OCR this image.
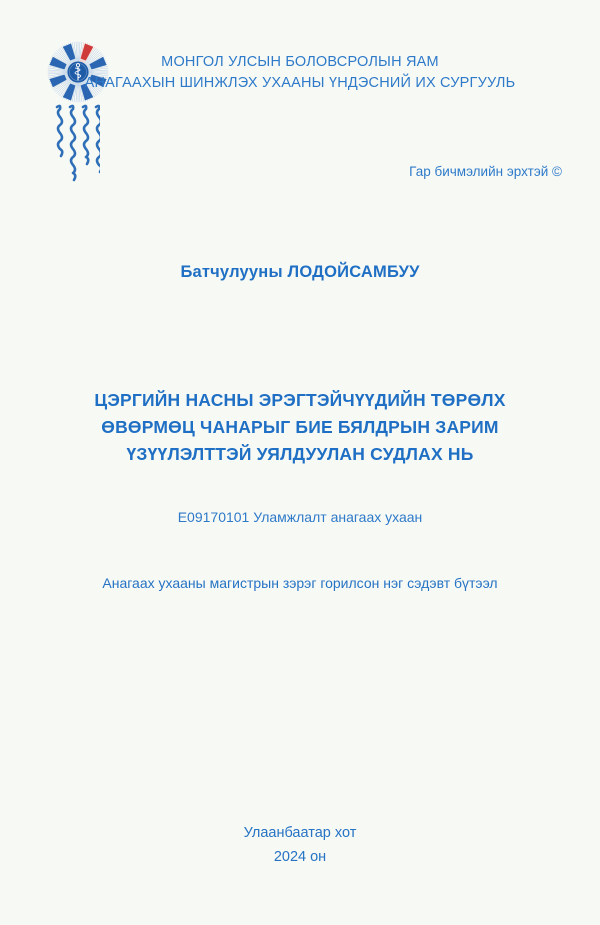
МОНГОЛ УЛСЫН БОЛОВСРОЛЫН ЯАМ
АНАГААХЫН ШИНЖЛЭХ УХААНЫ ҮНДЭСНИЙ ИХ СУРГУУЛЬ
Гар бичмэлийн эрхтэй ©
Батчулууны ЛОДОЙСАМБУУ
ЦЭРГИЙН НАСНЫ ЭРЭГТЭЙЧҮҮДИЙН ТӨРӨЛХ
ӨВӨРМӨЦ ЧАНАРЫГ БИЕ БЯЛДРЫН ЗАРИМ
ҮЗҮҮЛЭЛТТЭЙ УЯЛДУУЛАН СУДЛАХ НЬ
Е09170101 Уламжлалт анагаах ухаан
Анагаах ухааны магистрын зэрэг горилсон нэг сэдэвт бүтээл
Улаанбаатар хот
2024 он
